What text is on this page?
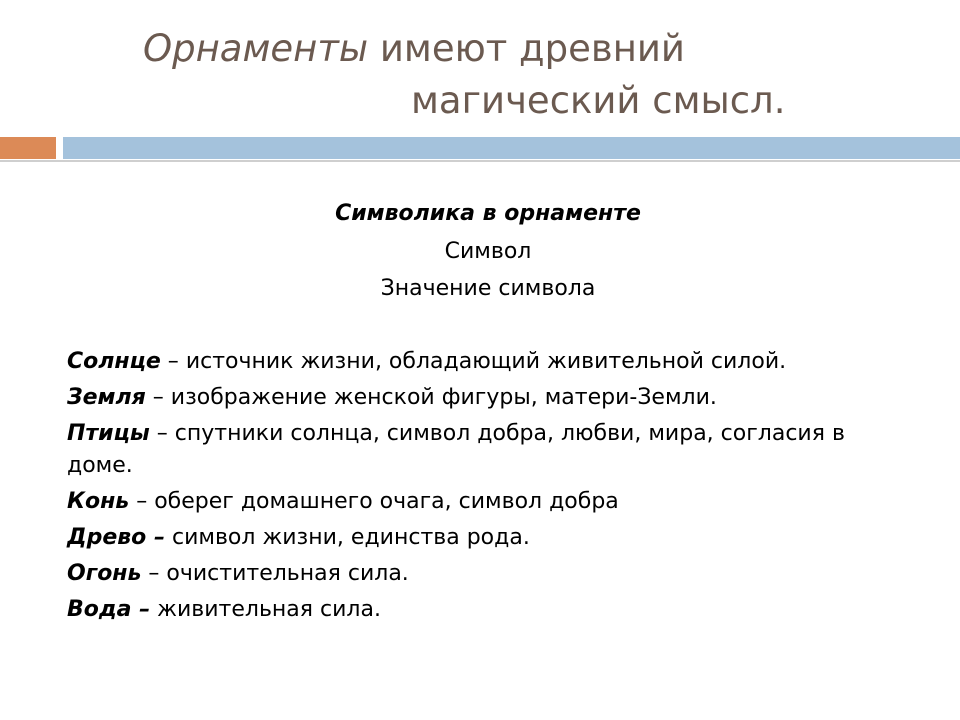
Орнаменты имеют древний
магический смысл.
Символика в орнаменте
Символ
Значение символа
Солнце – источник жизни, обладающий живительной силой.
Земля – изображение женской фигуры, матери-Земли.
Птицы – спутники солнца, символ добра, любви, мира, согласия в доме.
Конь – оберег домашнего очага, символ добра
Древо – символ жизни, единства рода.
Огонь – очистительная сила.
Вода – живительная сила.
